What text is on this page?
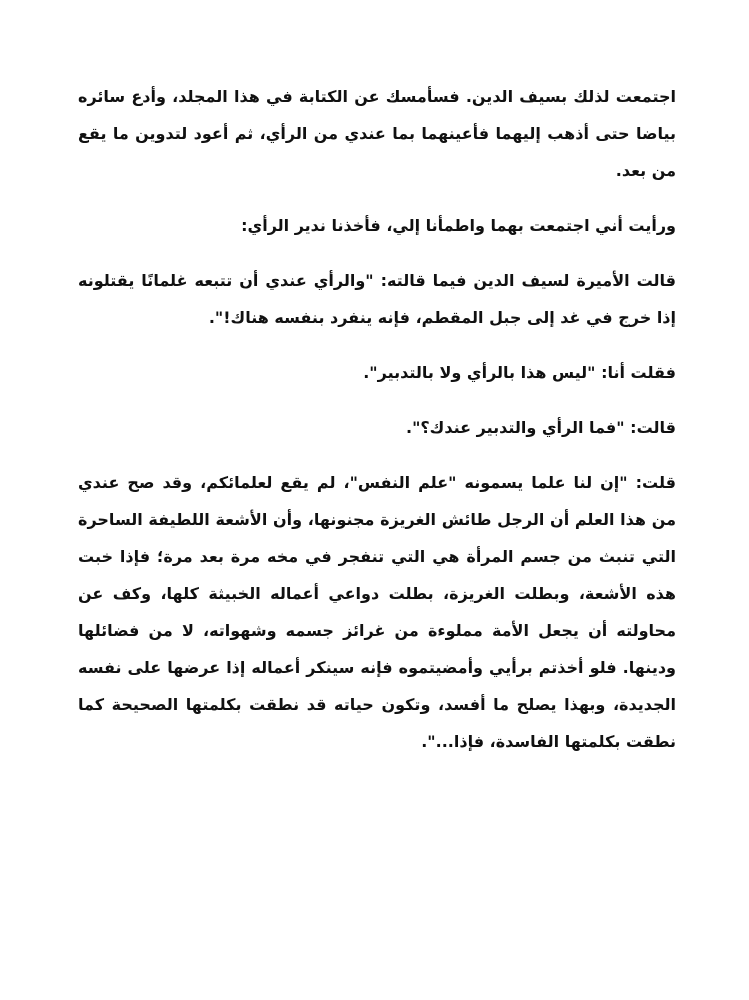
اجتمعت لذلك بسيف الدين. فسأمسك عن الكتابة في هذا المجلد، وأدع سائره بياضا حتى أذهب إليهما فأعينهما بما عندي من الرأي، ثم أعود لتدوين ما يقع من بعد.

ورأيت أني اجتمعت بهما واطمأنا إلي، فأخذنا ندير الرأي:

قالت الأميرة لسيف الدين فيما قالته: "والرأي عندي أن تتبعه غلمانًا يقتلونه إذا خرج في غد إلى جبل المقطم، فإنه ينفرد بنفسه هناك!".

فقلت أنا: "ليس هذا بالرأي ولا بالتدبير".

قالت: "فما الرأي والتدبير عندك؟".

قلت: "إن لنا علما يسمونه "علم النفس"، لم يقع لعلمائكم، وقد صح عندي من هذا العلم أن الرجل طائش الغريزة مجنونها، وأن الأشعة اللطيفة الساحرة التي تنبث من جسم المرأة هي التي تنفجر في مخه مرة بعد مرة؛ فإذا خبت هذه الأشعة، وبطلت الغريزة، بطلت دواعي أعماله الخبيثة كلها، وكف عن محاولته أن يجعل الأمة مملوءة من غرائز جسمه وشهواته، لا من فضائلها ودينها. فلو أخذتم برأيي وأمضيتموه فإنه سينكر أعماله إذا عرضها على نفسه الجديدة، وبهذا يصلح ما أفسد، وتكون حياته قد نطقت بكلمتها الصحيحة كما نطقت بكلمتها الفاسدة، فإذا...".
